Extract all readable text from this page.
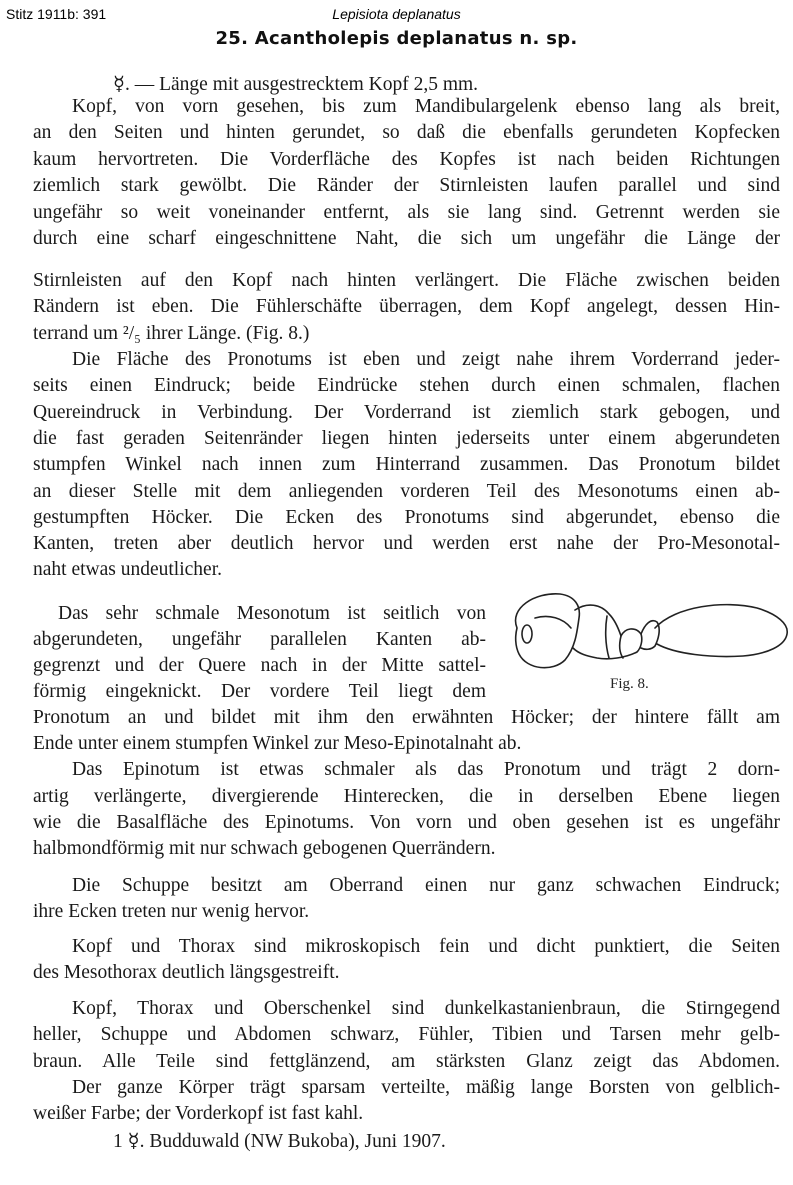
Stitz 1911b: 391	Lepisiota deplanatus
25. Acantholepis deplanatus n. sp.
☿. — Länge mit ausgestrecktem Kopf 2,5 mm.
Kopf, von vorn gesehen, bis zum Mandibulargelenk ebenso lang als breit,
an den Seiten und hinten gerundet, so daß die ebenfalls gerundeten Kopfecken
kaum hervortreten. Die Vorderfläche des Kopfes ist nach beiden Richtungen
ziemlich stark gewölbt. Die Ränder der Stirnleisten laufen parallel und sind
ungefähr so weit voneinander entfernt, als sie lang sind. Getrennt werden sie
durch eine scharf eingeschnittene Naht, die sich um ungefähr die Länge der
Stirnleisten auf den Kopf nach hinten verlängert. Die Fläche zwischen beiden
Rändern ist eben. Die Fühlerschäfte überragen, dem Kopf angelegt, dessen Hin-
terrand um ²/₅ ihrer Länge. (Fig. 8.)
Die Fläche des Pronotums ist eben und zeigt nahe ihrem Vorderrand jeder-
seits einen Eindruck; beide Eindrücke stehen durch einen schmalen, flachen
Quereindruck in Verbindung. Der Vorderrand ist ziemlich stark gebogen, und
die fast geraden Seitenränder liegen hinten jederseits unter einem abgerundeten
stumpfen Winkel nach innen zum Hinterrand zusammen. Das Pronotum bildet
an dieser Stelle mit dem anliegenden vorderen Teil des Mesonotums einen ab-
gestumpften Höcker. Die Ecken des Pronotums sind abgerundet, ebenso die
Kanten, treten aber deutlich hervor und werden erst nahe der Pro-Mesonotal-
naht etwas undeutlicher.
Das sehr schmale Mesonotum ist seitlich von
abgerundeten, ungefähr parallelen Kanten ab-
gegrenzt und der Quere nach in der Mitte sattel-
förmig eingeknickt. Der vordere Teil liegt dem
Pronotum an und bildet mit ihm den erwähnten Höcker; der hintere fällt am
Ende unter einem stumpfen Winkel zur Meso-Epinotalnaht ab.
Das Epinotum ist etwas schmaler als das Pronotum und trägt 2 dorn-
artig verlängerte, divergierende Hinterecken, die in derselben Ebene liegen
wie die Basalfläche des Epinotums. Von vorn und oben gesehen ist es ungefähr
halbmondförmig mit nur schwach gebogenen Querrändern.
Die Schuppe besitzt am Oberrand einen nur ganz schwachen Eindruck;
ihre Ecken treten nur wenig hervor.
Kopf und Thorax sind mikroskopisch fein und dicht punktiert, die Seiten
des Mesothorax deutlich längsgestreift.
Kopf, Thorax und Oberschenkel sind dunkelkastanienbraun, die Stirngegend
heller, Schuppe und Abdomen schwarz, Fühler, Tibien und Tarsen mehr gelb-
braun. Alle Teile sind fettglänzend, am stärksten Glanz zeigt das Abdomen.
Der ganze Körper trägt sparsam verteilte, mäßig lange Borsten von gelblich-
weißer Farbe; der Vorderkopf ist fast kahl.
1 ☿. Budduwald (NW Bukoba), Juni 1907.
Fig. 8.
